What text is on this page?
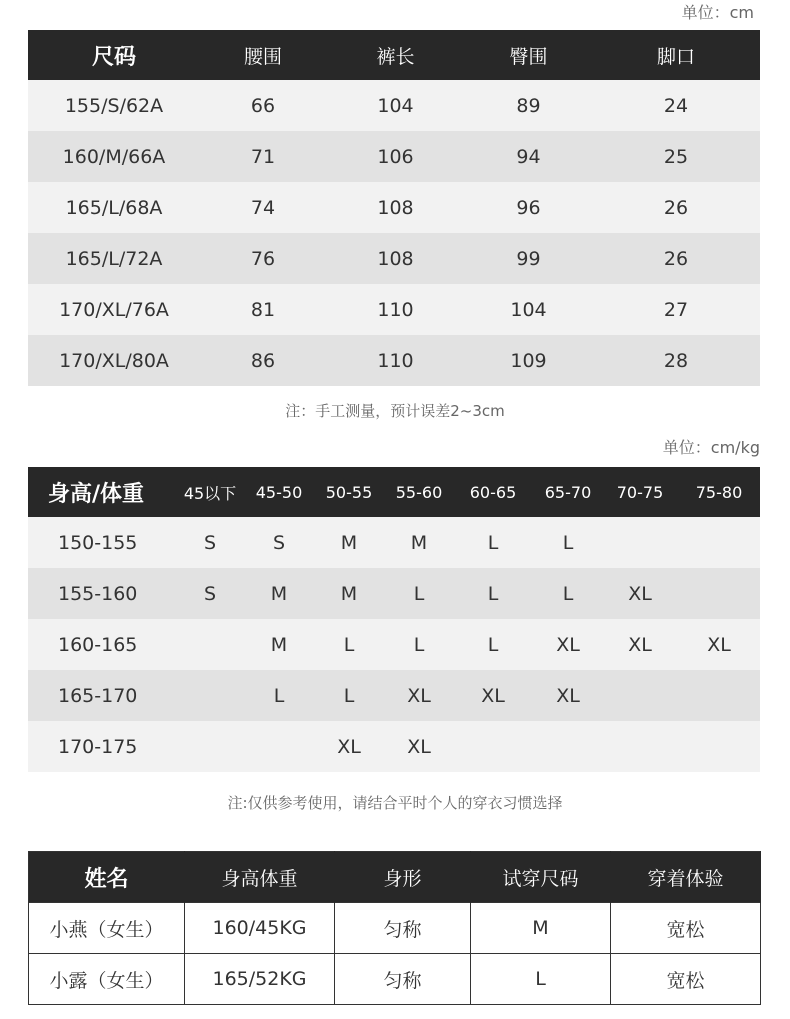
单位：cm
尺码	腰围	裤长	臀围	脚口
155/S/62A	66	104	89	24
160/M/66A	71	106	94	25
165/L/68A	74	108	96	26
165/L/72A	76	108	99	26
170/XL/76A	81	110	104	27
170/XL/80A	86	110	109	28
注：手工测量，预计误差2~3cm
单位：cm/kg
身高/体重	45以下	45-50	50-55	55-60	60-65	65-70	70-75	75-80
150-155	S	S	M	M	L	L		
155-160	S	M	M	L	L	L	XL	
160-165		M	L	L	L	XL	XL	XL
165-170		L	L	XL	XL	XL		
170-175			XL	XL				
注:仅供参考使用，请结合平时个人的穿衣习惯选择
姓名	身高体重	身形	试穿尺码	穿着体验
小燕（女生）	160/45KG	匀称	M	宽松
小露（女生）	165/52KG	匀称	L	宽松
